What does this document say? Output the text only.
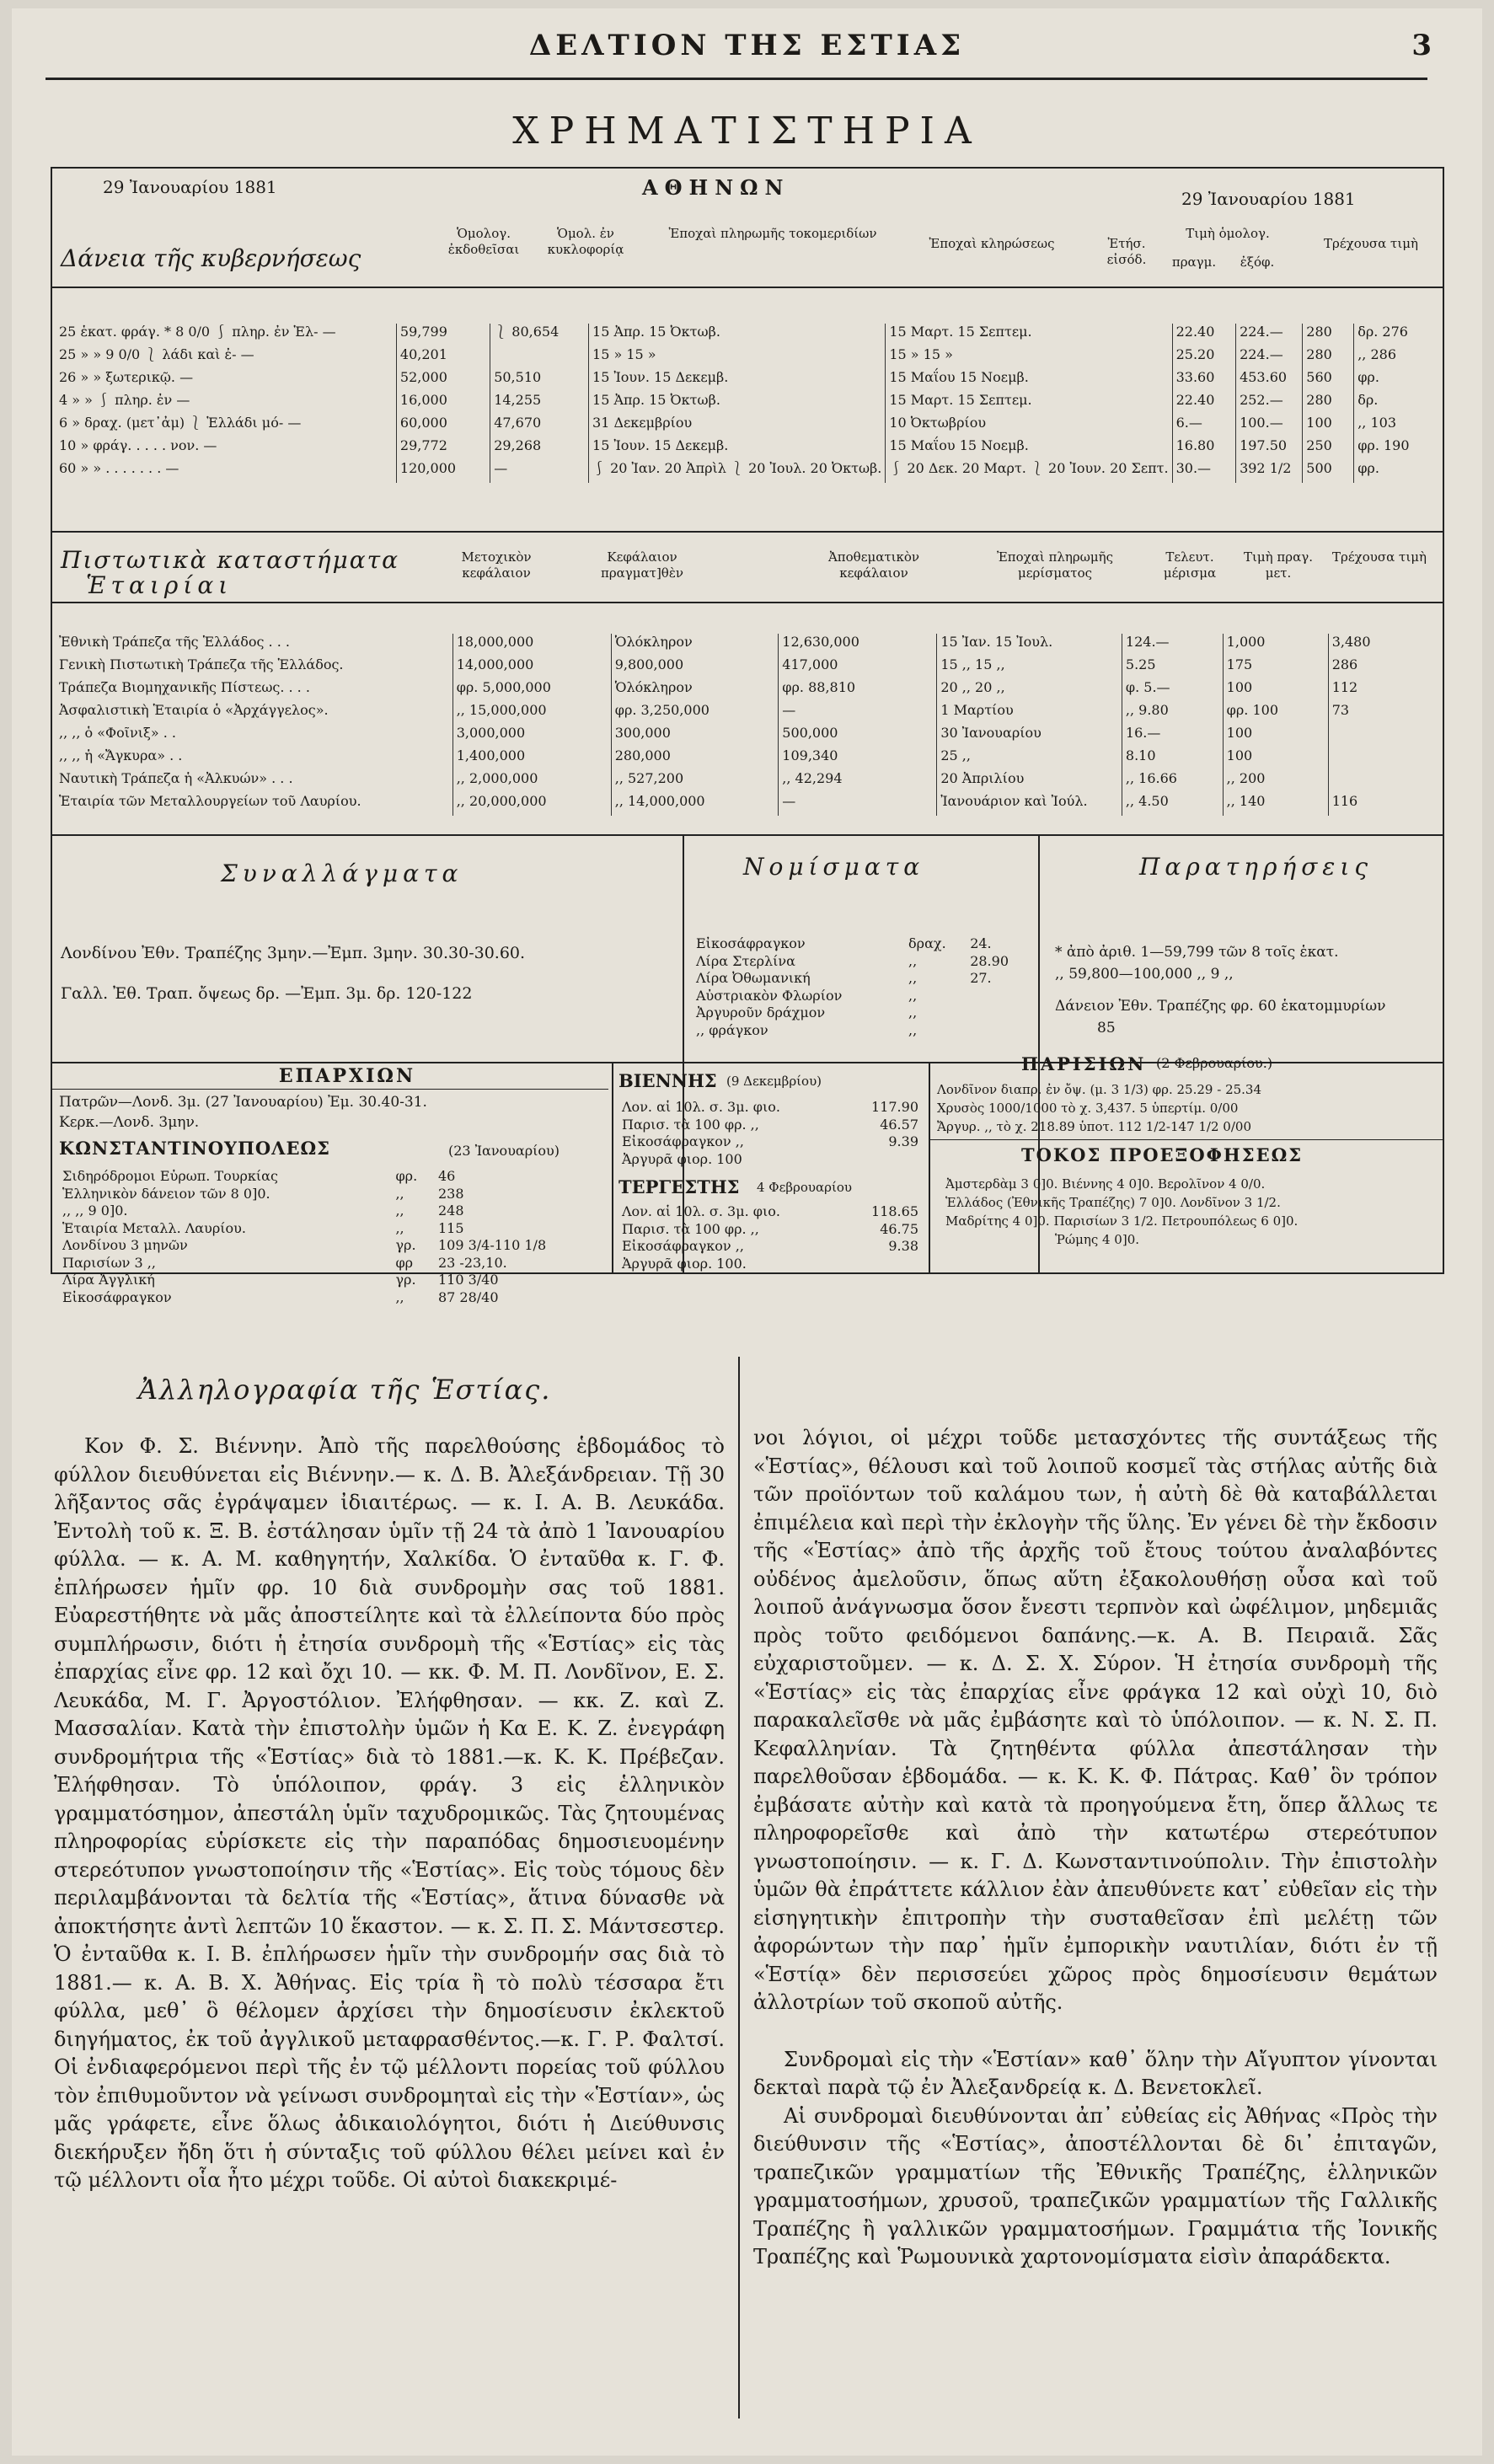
ΔΕΛΤΙΟΝ ΤΗΣ ΕΣΤΙΑΣ	3
ΧΡΗΜΑΤΙΣΤΗΡΙΑ
29 Ἰανουαρίου 1881	ΑΘΗΝΩΝ	29 Ἰανουαρίου 1881
Δάνεια τῆς κυβερνήσεως
Ὁμολογ. ἐκδοθεῖσαι
Ὁμολ. ἐν κυκλοφορίᾳ
Ἐποχαὶ πληρωμῆς τοκομεριδίων
Ἐποχαὶ κληρώσεως	Ἐτήσ. εἰσόδ.
Τιμὴ ὁμολογ.
πραγμ.	ἐξόφ.
Τρέχουσα τιμὴ
25 ἑκατ. φράγ. * 8 0/0 ⎰ πληρ. ἐν Ἑλ- —	59,799	⎱ 80,654	15 Ἀπρ. 15 Ὀκτωβ.	15 Μαρτ. 15 Σεπτεμ.	22.40	224.—	280	δρ. 276
25 » » 9 0/0 ⎱ λάδι καὶ ἐ- —	40,201		15 » 15 »	15 » 15 »	25.20	224.—	280	,, 286
26 » » ξωτερικῷ. —	52,000	50,510	15 Ἰουν. 15 Δεκεμβ.	15 Μαΐου 15 Νοεμβ.	33.60	453.60	560	φρ.
4 » » ⎰ πληρ. ἐν —	16,000	14,255	15 Ἀπρ. 15 Ὀκτωβ.	15 Μαρτ. 15 Σεπτεμ.	22.40	252.—	280	δρ.
6 » δραχ. (μετ᾽ἀμ) ⎱ Ἑλλάδι μό- —	60,000	47,670	31 Δεκεμβρίου	10 Ὀκτωβρίου	6.—	100.—	100	,, 103
10 » φράγ. . . . . νον. —	29,772	29,268	15 Ἰουν. 15 Δεκεμβ.	15 Μαΐου 15 Νοεμβ.	16.80	197.50	250	φρ. 190
60 » » . . . . . . . —	120,000	—	⎰ 20 Ἰαν. 20 Ἀπρὶλ ⎱ 20 Ἰουλ. 20 Ὀκτωβ.	⎰ 20 Δεκ. 20 Μαρτ. ⎱ 20 Ἰουν. 20 Σεπτ.	30.—	392 1/2	500	φρ.
Πιστωτικὰ καταστήματα
Ἑταιρίαι
Μετοχικὸν κεφάλαιον
Κεφάλαιον πραγματ]θὲν
Ἀποθεματικὸν κεφάλαιον
Ἐποχαὶ πληρωμῆς μερίσματος
Τελευτ. μέρισμα
Τιμὴ πραγ. μετ.
Τρέχουσα τιμὴ
Ἐθνικὴ Τράπεζα τῆς Ἑλλάδος . . .	18,000,000	Ὁλόκληρον	12,630,000	15 Ἰαν. 15 Ἰουλ.	124.—	1,000	3,480
Γενικὴ Πιστωτικὴ Τράπεζα τῆς Ἑλλάδος.	14,000,000	9,800,000	417,000	15 ,, 15 ,,	5.25	175	286
Τράπεζα Βιομηχανικῆς Πίστεως. . . .	φρ. 5,000,000	Ὁλόκληρον	φρ. 88,810	20 ,, 20 ,,	φ. 5.—	100	112
Ἀσφαλιστικὴ Ἑταιρία ὁ «Ἀρχάγγελος».	,, 15,000,000	φρ. 3,250,000	—	1 Μαρτίου	,, 9.80	φρ. 100	73
,, ,, ὁ «Φοῖνιξ» . .	3,000,000	300,000	500,000	30 Ἰανουαρίου	16.—	100	
,, ,, ἡ «Ἄγκυρα» . .	1,400,000	280,000	109,340	25 ,,	8.10	100	
Ναυτικὴ Τράπεζα ἡ «Ἀλκυών» . . .	,, 2,000,000	,, 527,200	,, 42,294	20 Ἀπριλίου	,, 16.66	,, 200	
Ἑταιρία τῶν Μεταλλουργείων τοῦ Λαυρίου.	,, 20,000,000	,, 14,000,000	—	Ἰανουάριον καὶ Ἰούλ.	,, 4.50	,, 140	116
Συναλλάγματα
Λονδίνου Ἐθν. Τραπέζης 3μην.—Ἐμπ. 3μην. 30.30-30.60.
Γαλλ. Ἐθ. Τραπ. ὄψεως δρ. —Ἐμπ. 3μ. δρ. 120-122
Νομίσματα
Εἰκοσάφραγκον	δραχ.	24.
Λίρα Στερλίνα	,,	28.90
Λίρα Ὀθωμανική	,,	27.
Αὐστριακὸν Φλωρίον	,,	
Ἀργυροῦν δράχμον	,,	
,, φράγκον	,,	
Παρατηρήσεις
* ἀπὸ ἀριθ. 1—59,799 τῶν 8 τοῖς ἑκατ.
,, 59,800—100,000 ,, 9 ,,
Δάνειον Ἐθν. Τραπέζης φρ. 60 ἑκατομμυρίων
85
ΕΠΑΡΧΙΩΝ
Πατρῶν—Λονδ. 3μ. (27 Ἰανουαρίου) Ἐμ. 30.40-31.
Κερκ.—Λονδ. 3μην.
ΚΩΝΣΤΑΝΤΙΝΟΥΠΟΛΕΩΣ	(23 Ἰανουαρίου)
Σιδηρόδρομοι Εὐρωπ. Τουρκίας	φρ.	46
Ἑλληνικὸν δάνειον τῶν 8 0]0.	,,	238
,, ,, 9 0]0.	,,	248
Ἑταιρία Μεταλλ. Λαυρίου.	,,	115
Λονδίνου 3 μηνῶν	γρ.	109 3/4-110 1/8
Παρισίων 3 ,,	φρ	23 -23,10.
Λίρα Ἀγγλική	γρ.	110 3/40
Εἰκοσάφραγκον	,,	87 28/40
ΒΙΕΝΝΗΣ (9 Δεκεμβρίου)
Λον. αἱ 10λ. σ. 3μ. φιο.	117.90
Παρισ. τὰ 100 φρ. ,,	46.57
Εἰκοσάφραγκον ,,	9.39
Ἀργυρᾶ φιορ. 100	
ΤΕΡΓΕΣΤΗΣ 4 Φεβρουαρίου
Λον. αἱ 10λ. σ. 3μ. φιο.	118.65
Παρισ. τὰ 100 φρ. ,,	46.75
Εἰκοσάφραγκον ,,	9.38
Ἀργυρᾶ φιορ. 100.	
ΠΑΡΙΣΙΩΝ (2 Φεβρουαρίου.)
Λονδῖνον διαπρ. ἐν ὄψ. (μ. 3 1/3) φρ. 25.29 - 25.34
Χρυσὸς 1000/1000 τὸ χ. 3,437. 5 ὑπερτίμ. 0/00
Ἄργυρ. ,, τὸ χ. 218.89 ὑποτ. 112 1/2-147 1/2 0/00
ΤΟΚΟΣ ΠΡΟΕΞΟΦΗΣΕΩΣ
Ἀμστερδὰμ 3 0]0. Βιέννης 4 0]0. Βερολῖνον 4 0/0.
Ἑλλάδος (Ἐθνικῆς Τραπέζης) 7 0]0. Λονδῖνον 3 1/2.
Μαδρίτης 4 0]0. Παρισίων 3 1/2. Πετρουπόλεως 6 0]0.
Ῥώμης 4 0]0.
Ἀλληλογραφία τῆς Ἑστίας.

Κον Φ. Σ. Βιέννην. Ἀπὸ τῆς παρελθούσης ἑβδομάδος τὸ φύλλον διευθύνεται εἰς Βιέννην.— κ. Δ. Β. Ἀλεξάνδρειαν. Τῇ 30 λῆξαντος σᾶς ἐγράψαμεν ἰδιαιτέρως. — κ. Ι. Α. Β. Λευκάδα. Ἐντολὴ τοῦ κ. Ξ. Β. ἐστάλησαν ὑμῖν τῇ 24 τὰ ἀπὸ 1 Ἰανουαρίου φύλλα. — κ. Α. Μ. καθηγητήν, Χαλκίδα. Ὁ ἐνταῦθα κ. Γ. Φ. ἐπλήρωσεν ἡμῖν φρ. 10 διὰ συνδρομὴν σας τοῦ 1881. Εὐαρεστήθητε νὰ μᾶς ἀποστείλητε καὶ τὰ ἐλλείποντα δύο πρὸς συμπλήρωσιν, διότι ἡ ἐτησία συνδρομὴ τῆς «Ἑστίας» εἰς τὰς ἐπαρχίας εἶνε φρ. 12 καὶ ὄχι 10. — κκ. Φ. Μ. Π. Λονδῖνον, Ε. Σ. Λευκάδα, Μ. Γ. Ἀργοστόλιον. Ἐλήφθησαν. — κκ. Ζ. καὶ Ζ. Μασσαλίαν. Κατὰ τὴν ἐπιστολὴν ὑμῶν ἡ Κα Ε. Κ. Ζ. ἐνεγράφη συνδρομήτρια τῆς «Ἑστίας» διὰ τὸ 1881.—κ. Κ. Κ. Πρέβεζαν. Ἐλήφθησαν. Τὸ ὑπόλοιπον, φράγ. 3 εἰς ἑλληνικὸν γραμματόσημον, ἀπεστάλη ὑμῖν ταχυδρομικῶς. Τὰς ζητουμένας πληροφορίας εὑρίσκετε εἰς τὴν παραπόδας δημοσιευομένην στερεότυπον γνωστοποίησιν τῆς «Ἑστίας». Εἰς τοὺς τόμους δὲν περιλαμβάνονται τὰ δελτία τῆς «Ἑστίας», ἅτινα δύνασθε νὰ ἀποκτήσητε ἀντὶ λεπτῶν 10 ἕκαστον. — κ. Σ. Π. Σ. Μάντσεστερ. Ὁ ἐνταῦθα κ. Ι. Β. ἐπλήρωσεν ἡμῖν τὴν συνδρομήν σας διὰ τὸ 1881.— κ. Α. Β. Χ. Ἀθήνας. Εἰς τρία ἢ τὸ πολὺ τέσσαρα ἔτι φύλλα, μεθ᾽ ὃ θέλομεν ἀρχίσει τὴν δημοσίευσιν ἐκλεκτοῦ διηγήματος, ἐκ τοῦ ἀγγλικοῦ μεταφρασθέντος.—κ. Γ. Ρ. Φαλτσί. Οἱ ἐνδιαφερόμενοι περὶ τῆς ἐν τῷ μέλλοντι πορείας τοῦ φύλλου τὸν ἐπιθυμοῦντον νὰ γείνωσι συνδρομηταὶ εἰς τὴν «Ἑστίαν», ὡς μᾶς γράφετε, εἶνε ὅλως ἀδικαιολόγητοι, διότι ἡ Διεύθυνσις διεκήρυξεν ἤδη ὅτι ἡ σύνταξις τοῦ φύλλου θέλει μείνει καὶ ἐν τῷ μέλλοντι οἷα ἦτο μέχρι τοῦδε. Οἱ αὐτοὶ διακεκριμέ-

νοι λόγιοι, οἱ μέχρι τοῦδε μετασχόντες τῆς συντάξεως τῆς «Ἑστίας», θέλουσι καὶ τοῦ λοιποῦ κοσμεῖ τὰς στήλας αὐτῆς διὰ τῶν προϊόντων τοῦ καλάμου των, ἡ αὐτὴ δὲ θὰ καταβάλλεται ἐπιμέλεια καὶ περὶ τὴν ἐκλογὴν τῆς ὕλης. Ἐν γένει δὲ τὴν ἔκδοσιν τῆς «Ἑστίας» ἀπὸ τῆς ἀρχῆς τοῦ ἔτους τούτου ἀναλαβόντες οὐδένος ἀμελοῦσιν, ὅπως αὕτη ἐξακολουθήσῃ οὖσα καὶ τοῦ λοιποῦ ἀνάγνωσμα ὅσον ἔνεστι τερπνὸν καὶ ὠφέλιμον, μηδεμιᾶς πρὸς τοῦτο φειδόμενοι δαπάνης.—κ. Α. Β. Πειραιᾶ. Σᾶς εὐχαριστοῦμεν. — κ. Δ. Σ. Χ. Σύρον. Ἡ ἐτησία συνδρομὴ τῆς «Ἑστίας» εἰς τὰς ἐπαρχίας εἶνε φράγκα 12 καὶ οὐχὶ 10, διὸ παρακαλεῖσθε νὰ μᾶς ἐμβάσητε καὶ τὸ ὑπόλοιπον. — κ. Ν. Σ. Π. Κεφαλληνίαν. Τὰ ζητηθέντα φύλλα ἀπεστάλησαν τὴν παρελθοῦσαν ἑβδομάδα. — κ. Κ. Κ. Φ. Πάτρας. Καθ᾽ ὃν τρόπον ἐμβάσατε αὐτὴν καὶ κατὰ τὰ προηγούμενα ἔτη, ὅπερ ἄλλως τε πληροφορεῖσθε καὶ ἀπὸ τὴν κατωτέρω στερεότυπον γνωστοποίησιν. — κ. Γ. Δ. Κωνσταντινούπολιν. Τὴν ἐπιστολὴν ὑμῶν θὰ ἐπράττετε κάλλιον ἐὰν ἀπευθύνετε κατ᾽ εὐθεῖαν εἰς τὴν εἰσηγητικὴν ἐπιτροπὴν τὴν συσταθεῖσαν ἐπὶ μελέτῃ τῶν ἀφορώντων τὴν παρ᾽ ἡμῖν ἐμπορικὴν ναυτιλίαν, διότι ἐν τῇ «Ἑστίᾳ» δὲν περισσεύει χῶρος πρὸς δημοσίευσιν θεμάτων ἀλλοτρίων τοῦ σκοποῦ αὐτῆς.

Συνδρομαὶ εἰς τὴν «Ἑστίαν» καθ᾽ ὅλην τὴν Αἴγυπτον γίνονται δεκταὶ παρὰ τῷ ἐν Ἀλεξανδρείᾳ κ. Δ. Βενετοκλεῖ.

Αἱ συνδρομαὶ διευθύνονται ἀπ᾽ εὐθείας εἰς Ἀθήνας «Πρὸς τὴν διεύθυνσιν τῆς «Ἑστίας», ἀποστέλλονται δὲ δι᾽ ἐπιταγῶν, τραπεζικῶν γραμματίων τῆς Ἐθνικῆς Τραπέζης, ἑλληνικῶν γραμματοσήμων, χρυσοῦ, τραπεζικῶν γραμματίων τῆς Γαλλικῆς Τραπέζης ἢ γαλλικῶν γραμματοσήμων. Γραμμάτια τῆς Ἰονικῆς Τραπέζης καὶ Ῥωμουνικὰ χαρτονομίσματα εἰσὶν ἀπαράδεκτα.
